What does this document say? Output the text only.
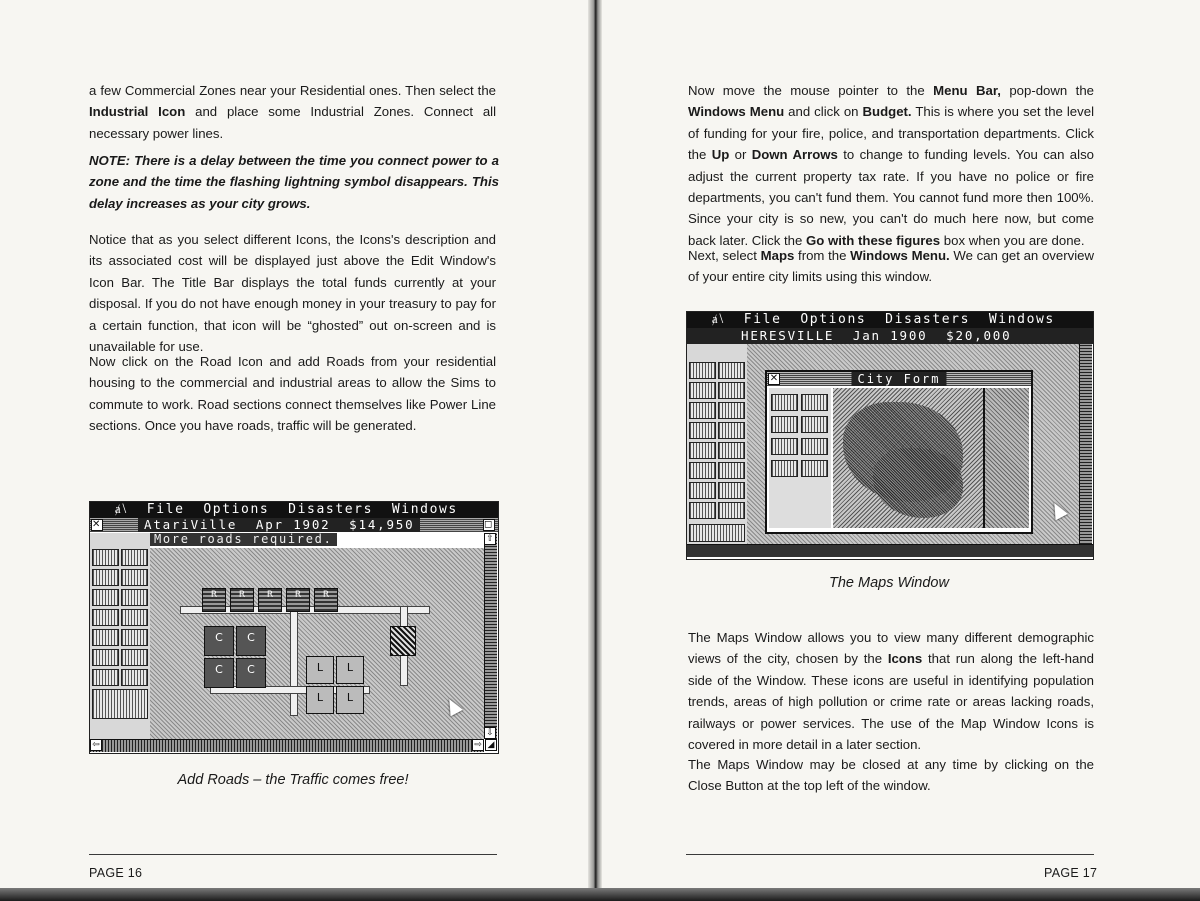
a few Commercial Zones near your Residential ones. Then select the Industrial Icon and place some Industrial Zones. Connect all necessary power lines.

NOTE: There is a delay between the time you connect power to a zone and the time the flashing lightning symbol disappears. This delay increases as your city grows.

Notice that as you select different Icons, the Icons's description and its associated cost will be displayed just above the Edit Window's Icon Bar. The Title Bar displays the total funds currently at your disposal. If you do not have enough money in your treasury to pay for a certain function, that icon will be “ghosted” out on-screen and is unavailable for use.

Now click on the Road Icon and add Roads from your residential housing to the commercial and industrial areas to allow the Sims to commute to work. Road sections connect themselves like Power Line sections. Once you have roads, traffic will be generated.

ⱥ⧵  File  Options  Disasters  Windows

✕

	AtariVille  Apr 1902  $14,950

	◻

More roads required.
R	R	R	R	R
C	C
C	C	L	L
L	L
⇧
⇩
⇦	⇨ ◢

Add Roads – the Traffic comes free!

PAGE 16

Now move the mouse pointer to the Menu Bar, pop-down the Windows Menu and click on Budget. This is where you set the level of funding for your fire, police, and transportation departments. Click the Up or Down Arrows to change to funding levels. You can also adjust the current property tax rate. If you have no police or fire departments, you can't fund them. You cannot fund more then 100%. Since your city is so new, you can't do much here now, but come back later. Click the Go with these figures box when you are done.

Next, select Maps from the Windows Menu. We can get an overview of your entire city limits using this window.

ⱥ⧵  File  Options  Disasters  Windows

HERESVILLE  Jan 1900  $20,000

✕	City Form

The Maps Window

The Maps Window allows you to view many different demographic views of the city, chosen by the Icons that run along the left-hand side of the Window. These icons are useful in identifying population trends, areas of high pollution or crime rate or areas lacking roads, railways or power services. The use of the Map Window Icons is covered in more detail in a later section.

The Maps Window may be closed at any time by clicking on the Close Button at the top left of the window.

PAGE 17
